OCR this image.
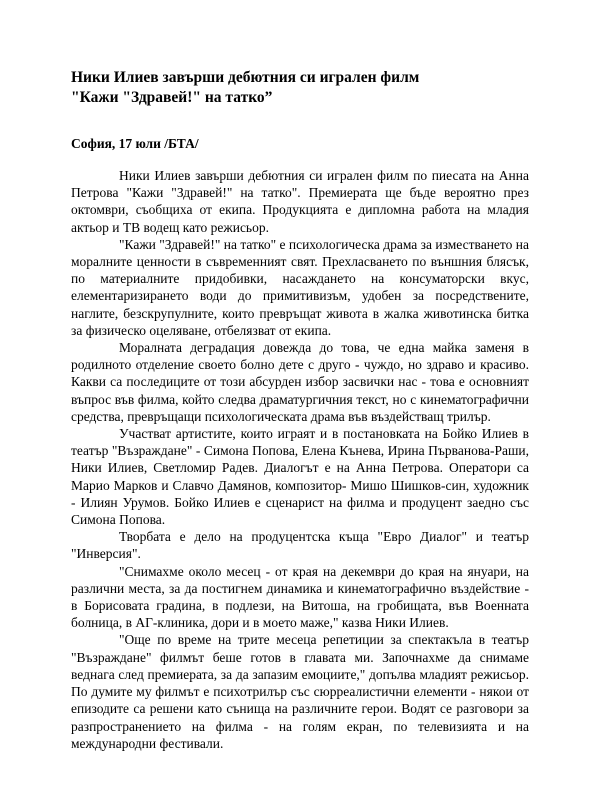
Ники Илиев завърши дебютния си игрален филм
"Кажи "Здравей!" на татко”

София, 17 юли /БТА/

Ники Илиев завърши дебютния си игрален филм по пиесата на Анна Петрова "Кажи "Здравей!" на татко". Премиерата ще бъде вероятно през октомври, съобщиха от екипа. Продукцията е дипломна работа на младия актьор и ТВ водещ като режисьор.

"Кажи "Здравей!" на татко" е психологическа драма за изместването на моралните ценности в съвременният свят. Прехласването по външния блясък, по материалните придобивки, насаждането на консуматорски вкус, елементаризирането води до примитивизъм, удобен за посредствените, наглите, безскрупулните, които превръщат живота в жалка животинска битка за физическо оцеляване, отбелязват от екипа.

Моралната деградация довежда до това, че една майка заменя в родилното отделение своето болно дете с друго - чуждо, но здраво и красиво. Какви са последиците от този абсурден избор засвички нас - това е основният въпрос във филма, който следва драматургичния текст, но с кинематографични средства, превръщащи психологическата драма във въздействащ трилър.

Участват артистите, които играят и в постановката на Бойко Илиев в театър "Възраждане" - Симона Попова, Елена Кънева, Ирина Първанова-Раши, Ники Илиев, Светломир Радев. Диалогът е на Анна Петрова. Оператори са Марио Марков и Славчо Дамянов, композитор- Мишо Шишков-син, художник - Илиян Урумов. Бойко Илиев е сценарист на филма и продуцент заедно със Симона Попова.

Творбата е дело на продуцентска къща "Евро Диалог" и театър "Инверсия".

"Снимахме около месец - от края на декември до края на януари, на различни места, за да постигнем динамика и кинематографично въздействие - в Борисовата градина, в подлези, на Витоша, на гробищата, във Военната болница, в АГ-клиника, дори и в моето маже," казва Ники Илиев.

"Още по време на трите месеца репетиции за спектакъла в театър "Възраждане" филмът беше готов в главата ми. Започнахме да снимаме веднага след премиерата, за да запазим емоциите," допълва младият режисьор. По думите му филмът е психотрилър със сюрреалистични елементи - някои от епизодите са решени като сънища на различните герои. Водят се разговори за разпространението на филма - на голям екран, по телевизията и на международни фестивали.
